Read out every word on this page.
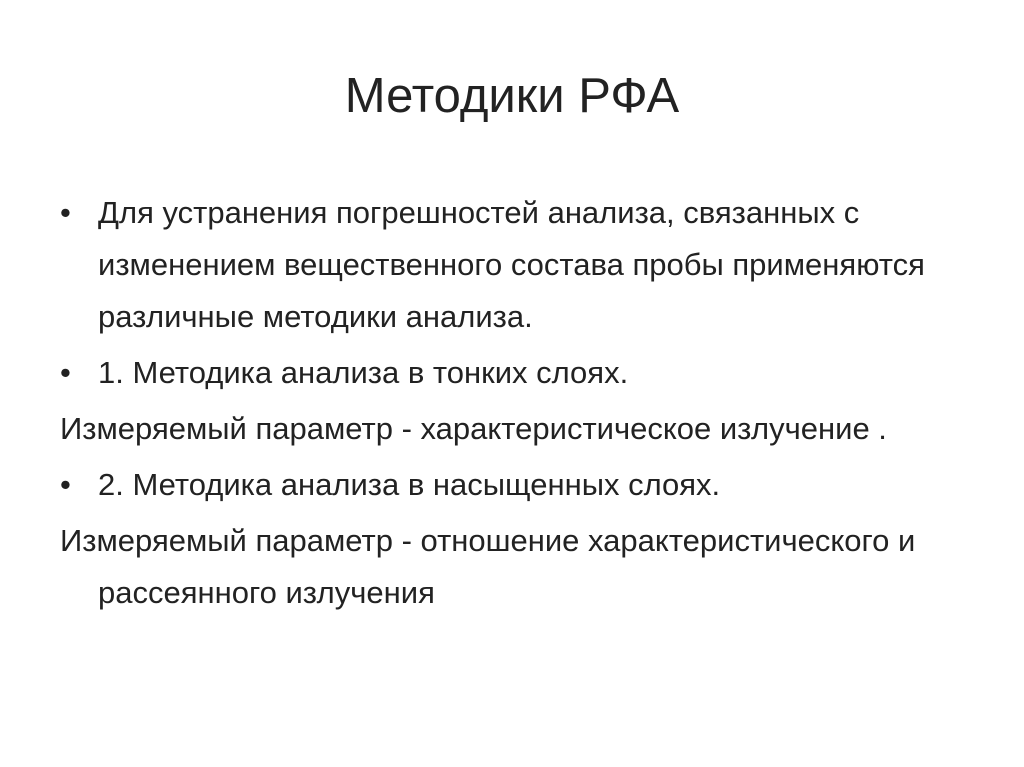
Методики РФА

• Для устранения погрешностей анализа, связанных с изменением вещественного состава пробы применяются различные методики анализа.

• 1. Методика анализа в тонких слоях.

Измеряемый параметр - характеристическое излучение .

• 2. Методика анализа в насыщенных слоях.

Измеряемый параметр - отношение характеристического и рассеянного излучения
